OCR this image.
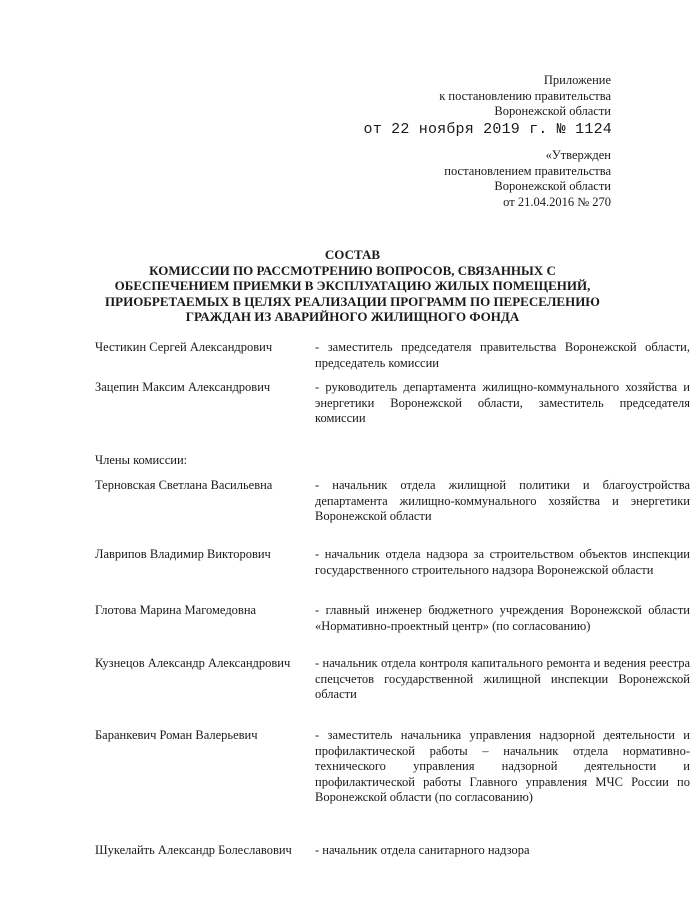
Приложение
к постановлению правительства
Воронежской области
от 22 ноября 2019 г. № 1124
«Утвержден
постановлением правительства
Воронежской области
от 21.04.2016 № 270
СОСТАВ
КОМИССИИ ПО РАССМОТРЕНИЮ ВОПРОСОВ, СВЯЗАННЫХ С
ОБЕСПЕЧЕНИЕМ ПРИЕМКИ В ЭКСПЛУАТАЦИЮ ЖИЛЫХ ПОМЕЩЕНИЙ,
ПРИОБРЕТАЕМЫХ В ЦЕЛЯХ РЕАЛИЗАЦИИ ПРОГРАММ ПО ПЕРЕСЕЛЕНИЮ
ГРАЖДАН ИЗ АВАРИЙНОГО ЖИЛИЩНОГО ФОНДА
Честикин Сергей Александрович	- заместитель председателя правительства Воронежской области, председатель комиссии
Зацепин Максим Александрович	- руководитель департамента жилищно-коммунального хозяйства и энергетики Воронежской области, заместитель председателя комиссии
Члены комиссии:
Терновская Светлана Васильевна	- начальник отдела жилищной политики и благоустройства департамента жилищно-коммунального хозяйства и энергетики Воронежской области
Лаврипов Владимир Викторович	- начальник отдела надзора за строительством объектов инспекции государственного строительного надзора Воронежской области
Глотова Марина Магомедовна	- главный инженер бюджетного учреждения Воронежской области «Нормативно-проектный центр» (по согласованию)
Кузнецов Александр Александрович	- начальник отдела контроля капитального ремонта и ведения реестра спецсчетов государственной жилищной инспекции Воронежской области
Баранкевич Роман Валерьевич	- заместитель начальника управления надзорной деятельности и профилактической работы – начальник отдела нормативно-технического управления надзорной деятельности и профилактической работы Главного управления МЧС России по Воронежской области (по согласованию)
Шукелайть Александр Болеславович	- начальник отдела санитарного надзора
